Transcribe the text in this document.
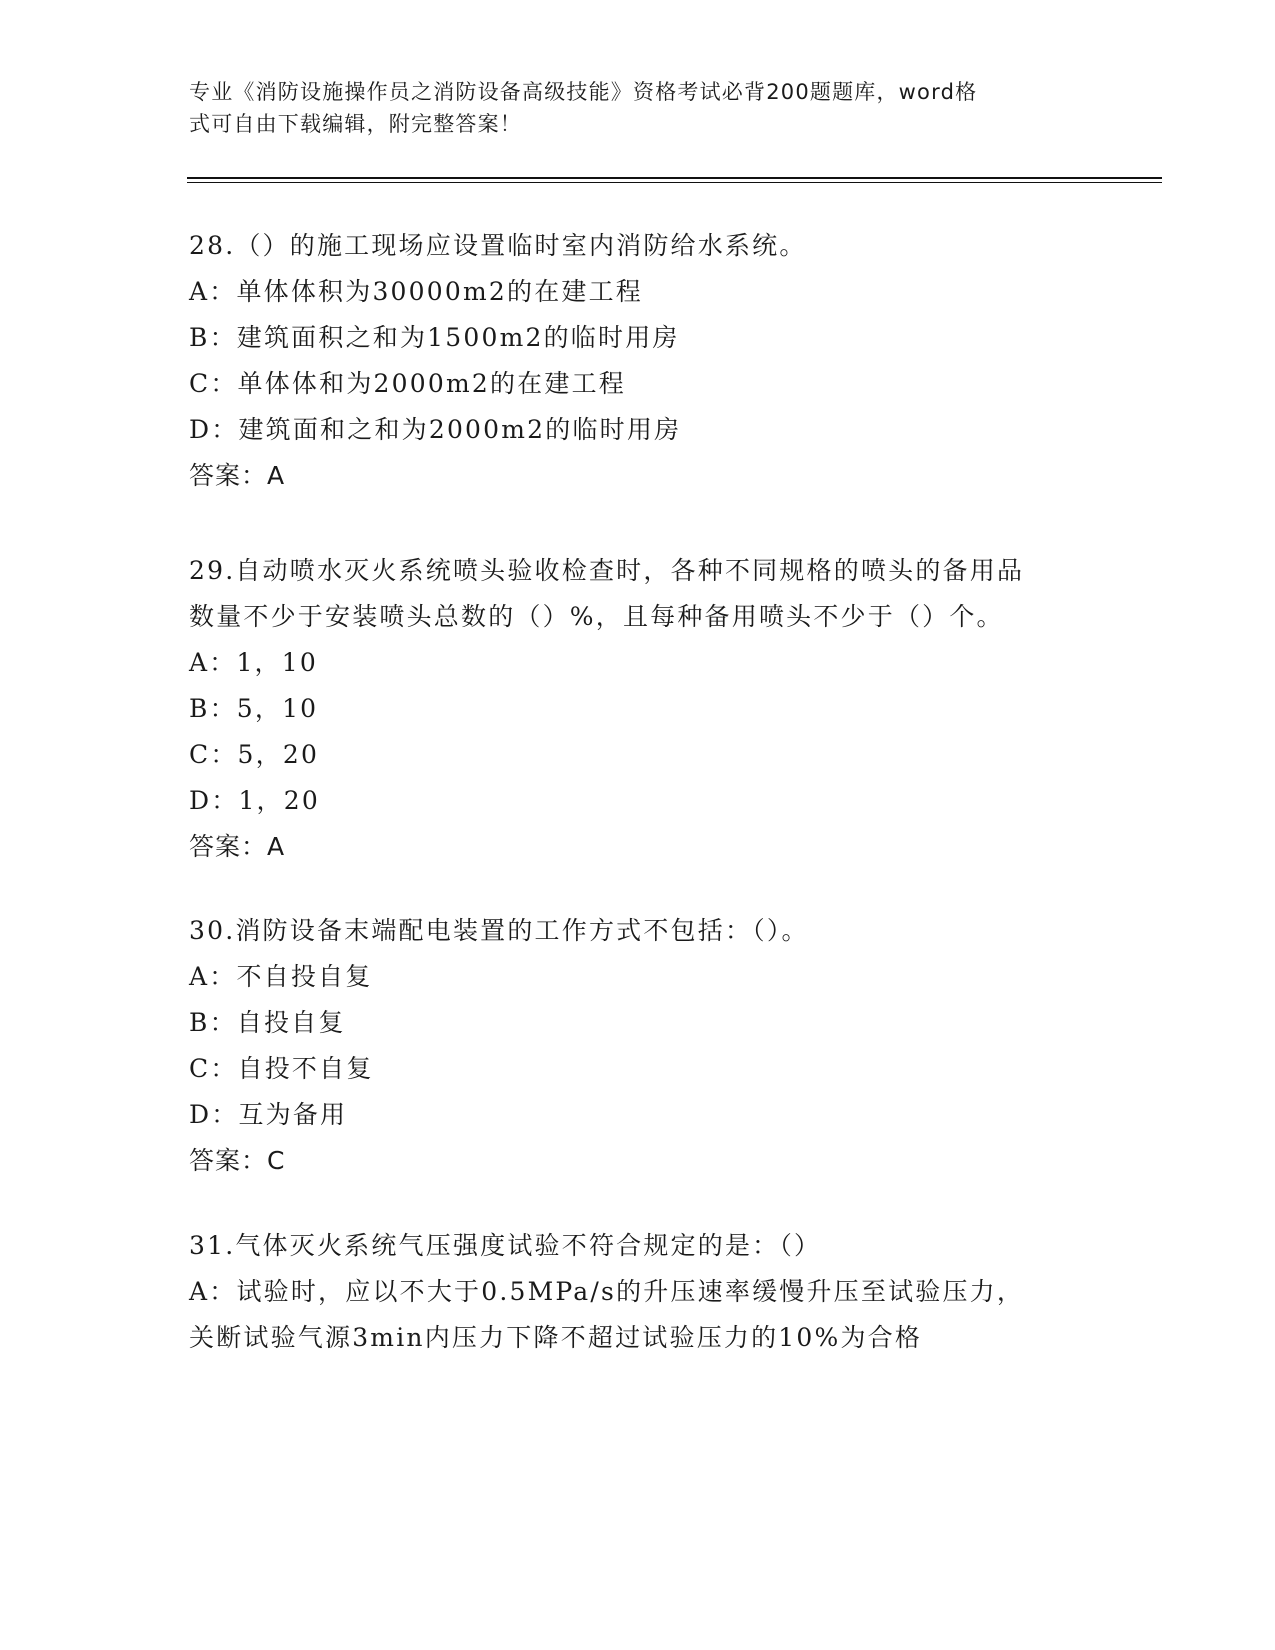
专业《消防设施操作员之消防设备高级技能》资格考试必背200题题库，word格
式可自由下载编辑，附完整答案！
28.（）的施工现场应设置临时室内消防给水系统。
A：单体体积为30000m2的在建工程
B：建筑面积之和为1500m2的临时用房
C：单体体和为2000m2的在建工程
D：建筑面和之和为2000m2的临时用房
答案：A
29.自动喷水灭火系统喷头验收检查时，各种不同规格的喷头的备用品
数量不少于安装喷头总数的（）%，且每种备用喷头不少于（）个。
A：1，10
B：5，10
C：5，20
D：1，20
答案：A
30.消防设备末端配电装置的工作方式不包括：（）。
A：不自投自复
B：自投自复
C：自投不自复
D：互为备用
答案：C
31.气体灭火系统气压强度试验不符合规定的是：（）
A：试验时，应以不大于0.5MPa/s的升压速率缓慢升压至试验压力，
关断试验气源3min内压力下降不超过试验压力的10%为合格
